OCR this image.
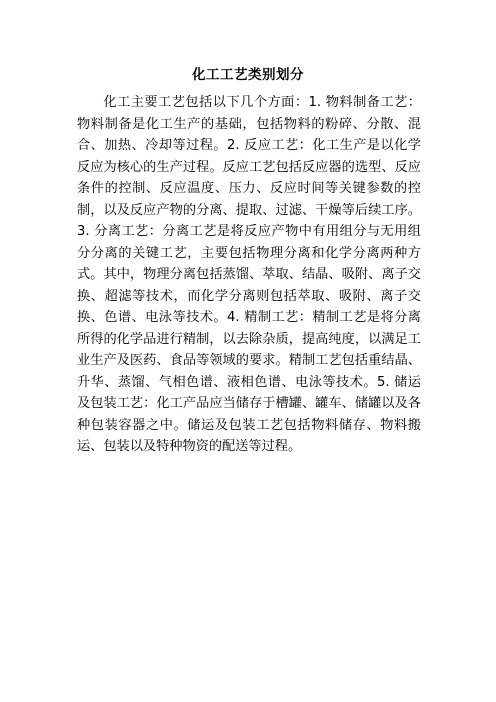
化工工艺类别划分

化工主要工艺包括以下几个方面：1. 物料制备工艺：物料制备是化工生产的基础，包括物料的粉碎、分散、混合、加热、冷却等过程。2. 反应工艺：化工生产是以化学反应为核心的生产过程。反应工艺包括反应器的选型、反应条件的控制、反应温度、压力、反应时间等关键参数的控制，以及反应产物的分离、提取、过滤、干燥等后续工序。3. 分离工艺：分离工艺是将反应产物中有用组分与无用组分分离的关键工艺，主要包括物理分离和化学分离两种方式。其中，物理分离包括蒸馏、萃取、结晶、吸附、离子交换、超滤等技术，而化学分离则包括萃取、吸附、离子交换、色谱、电泳等技术。4. 精制工艺：精制工艺是将分离所得的化学品进行精制，以去除杂质，提高纯度，以满足工业生产及医药、食品等领域的要求。精制工艺包括重结晶、升华、蒸馏、气相色谱、液相色谱、电泳等技术。5. 储运及包装工艺：化工产品应当储存于槽罐、罐车、储罐以及各种包装容器之中。储运及包装工艺包括物料储存、物料搬运、包装以及特种物资的配送等过程。
